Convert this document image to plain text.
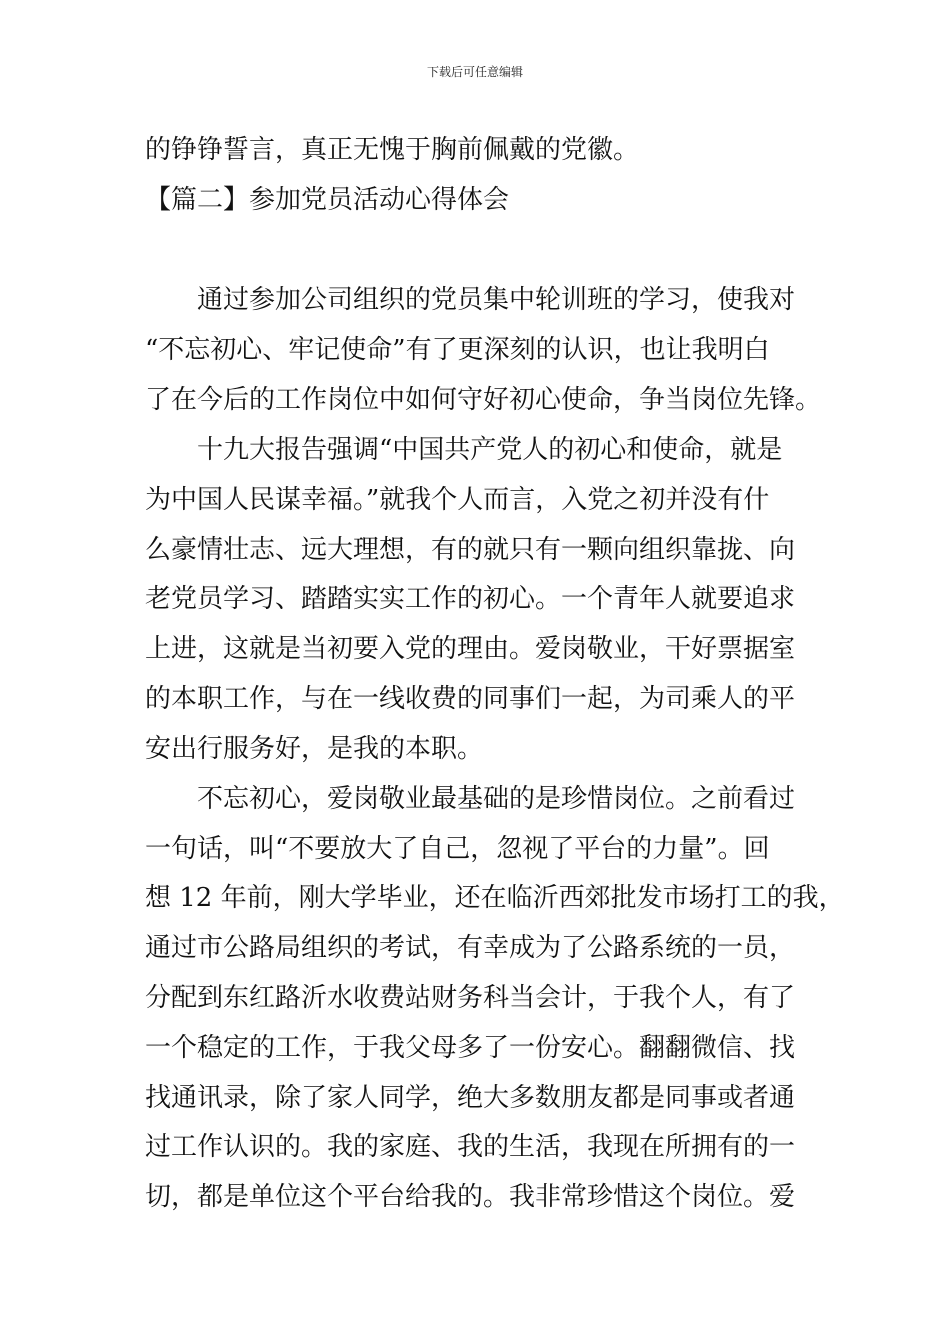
下载后可任意编辑
的铮铮誓言，真正无愧于胸前佩戴的党徽。
【篇二】参加党员活动心得体会
　　通过参加公司组织的党员集中轮训班的学习，使我对
“不忘初心、牢记使命”有了更深刻的认识，也让我明白
了在今后的工作岗位中如何守好初心使命，争当岗位先锋。
　　十九大报告强调“中国共产党人的初心和使命，就是
为中国人民谋幸福。”就我个人而言，入党之初并没有什
么豪情壮志、远大理想，有的就只有一颗向组织靠拢、向
老党员学习、踏踏实实工作的初心。一个青年人就要追求
上进，这就是当初要入党的理由。爱岗敬业，干好票据室
的本职工作，与在一线收费的同事们一起，为司乘人的平
安出行服务好，是我的本职。
　　不忘初心，爱岗敬业最基础的是珍惜岗位。之前看过
一句话，叫“不要放大了自己，忽视了平台的力量”。回
想 12 年前，刚大学毕业，还在临沂西郊批发市场打工的我，
通过市公路局组织的考试，有幸成为了公路系统的一员，
分配到东红路沂水收费站财务科当会计，于我个人，有了
一个稳定的工作，于我父母多了一份安心。翻翻微信、找
找通讯录，除了家人同学，绝大多数朋友都是同事或者通
过工作认识的。我的家庭、我的生活，我现在所拥有的一
切，都是单位这个平台给我的。我非常珍惜这个岗位。爱
